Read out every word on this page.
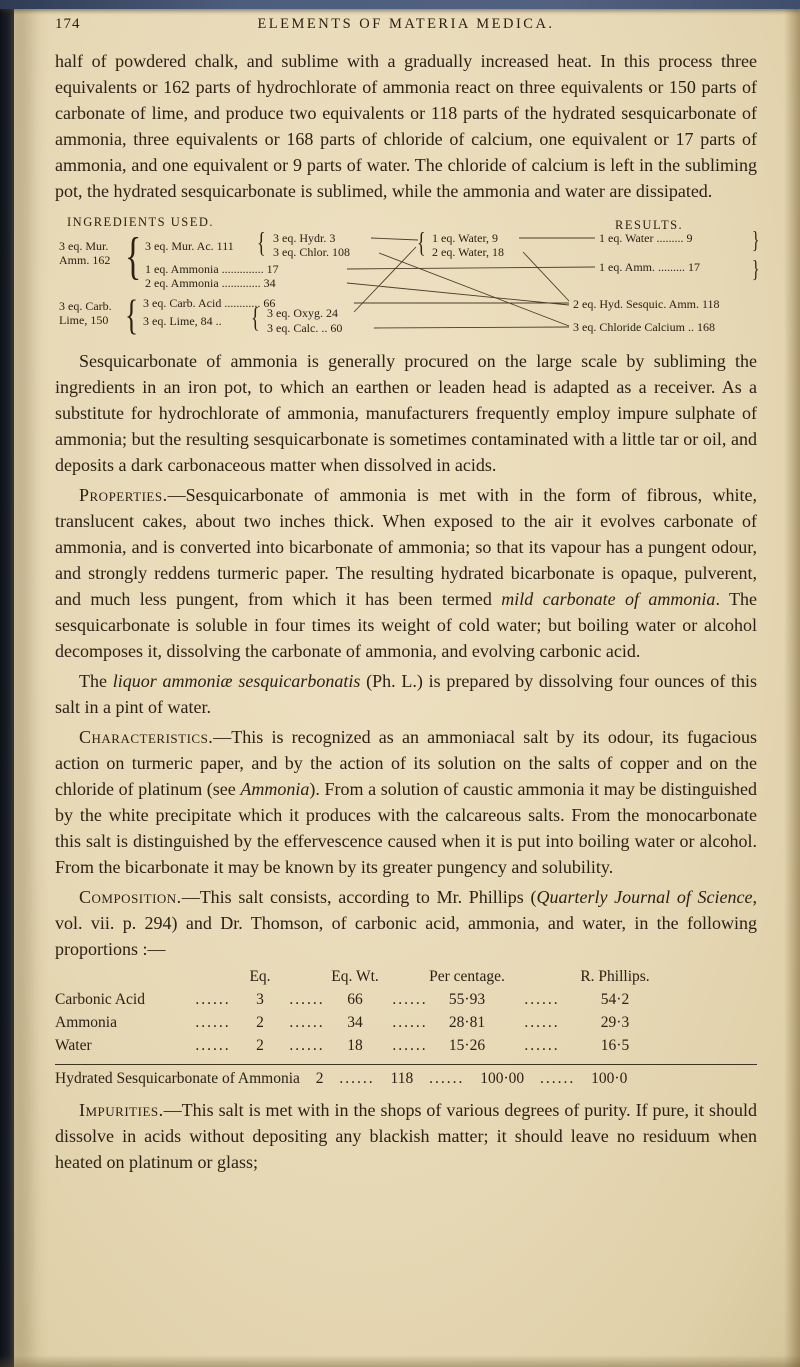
174	ELEMENTS OF MATERIA MEDICA.

half of powdered chalk, and sublime with a gradually increased heat. In this process three equivalents or 162 parts of hydrochlorate of ammonia react on three equivalents or 150 parts of carbonate of lime, and produce two equivalents or 118 parts of the hydrated sesquicarbonate of ammonia, three equivalents or 168 parts of chloride of calcium, one equivalent or 17 parts of ammonia, and one equivalent or 9 parts of water. The chloride of calcium is left in the subliming pot, the hydrated sesquicarbonate is sublimed, while the ammonia and water are dissipated.

INGREDIENTS USED.	RESULTS.
3 eq. Mur.
Amm. 162 { 3 eq. Mur. Ac. 111 { 3 eq. Hydr. 3
3 eq. Chlor. 108
1 eq. Ammonia .............. 17
2 eq. Ammonia ............. 34
{ 1 eq. Water, 9
2 eq. Water, 18
1 eq. Water ......... 9 }
1 eq. Amm. ......... 17 }
3 eq. Carb.
Lime, 150 { 3 eq. Carb. Acid ............ 66
3 eq. Lime, 84 .. { 3 eq. Oxyg. 24
3 eq. Calc. .. 60
2 eq. Hyd. Sesquic. Amm. 118
3 eq. Chloride Calcium .. 168

Sesquicarbonate of ammonia is generally procured on the large scale by subliming the ingredients in an iron pot, to which an earthen or leaden head is adapted as a receiver. As a substitute for hydrochlorate of ammonia, manufacturers frequently employ impure sulphate of ammonia; but the resulting sesquicarbonate is sometimes contaminated with a little tar or oil, and deposits a dark carbonaceous matter when dissolved in acids.

Properties.—Sesquicarbonate of ammonia is met with in the form of fibrous, white, translucent cakes, about two inches thick. When exposed to the air it evolves carbonate of ammonia, and is converted into bicarbonate of ammonia; so that its vapour has a pungent odour, and strongly reddens turmeric paper. The resulting hydrated bicarbonate is opaque, pulverent, and much less pungent, from which it has been termed mild carbonate of ammonia. The sesquicarbonate is soluble in four times its weight of cold water; but boiling water or alcohol decomposes it, dissolving the carbonate of ammonia, and evolving carbonic acid.

The liquor ammoniæ sesquicarbonatis (Ph. L.) is prepared by dissolving four ounces of this salt in a pint of water.

Characteristics.—This is recognized as an ammoniacal salt by its odour, its fugacious action on turmeric paper, and by the action of its solution on the salts of copper and on the chloride of platinum (see Ammonia). From a solution of caustic ammonia it may be distinguished by the white precipitate which it produces with the calcareous salts. From the monocarbonate this salt is distinguished by the effervescence caused when it is put into boiling water or alcohol. From the bicarbonate it may be known by its greater pungency and solubility.

Composition.—This salt consists, according to Mr. Phillips (Quarterly Journal of Science, vol. vii. p. 294) and Dr. Thomson, of carbonic acid, ammonia, and water, in the following proportions :—

Eq.	Eq. Wt.	Per centage.	R. Phillips.
Carbonic Acid	...... 3 ...... 66 ...... 55·93	......	54·2
Ammonia	...... 2 ...... 34 ...... 28·81	......	29·3
Water	...... 2 ...... 18 ...... 15·26	......	16·5
Hydrated Sesquicarbonate of Ammonia 2 ...... 118 ...... 100·00 ...... 100·0

Impurities.—This salt is met with in the shops of various degrees of purity. If pure, it should dissolve in acids without depositing any blackish matter; it should leave no residuum when heated on platinum or glass;
